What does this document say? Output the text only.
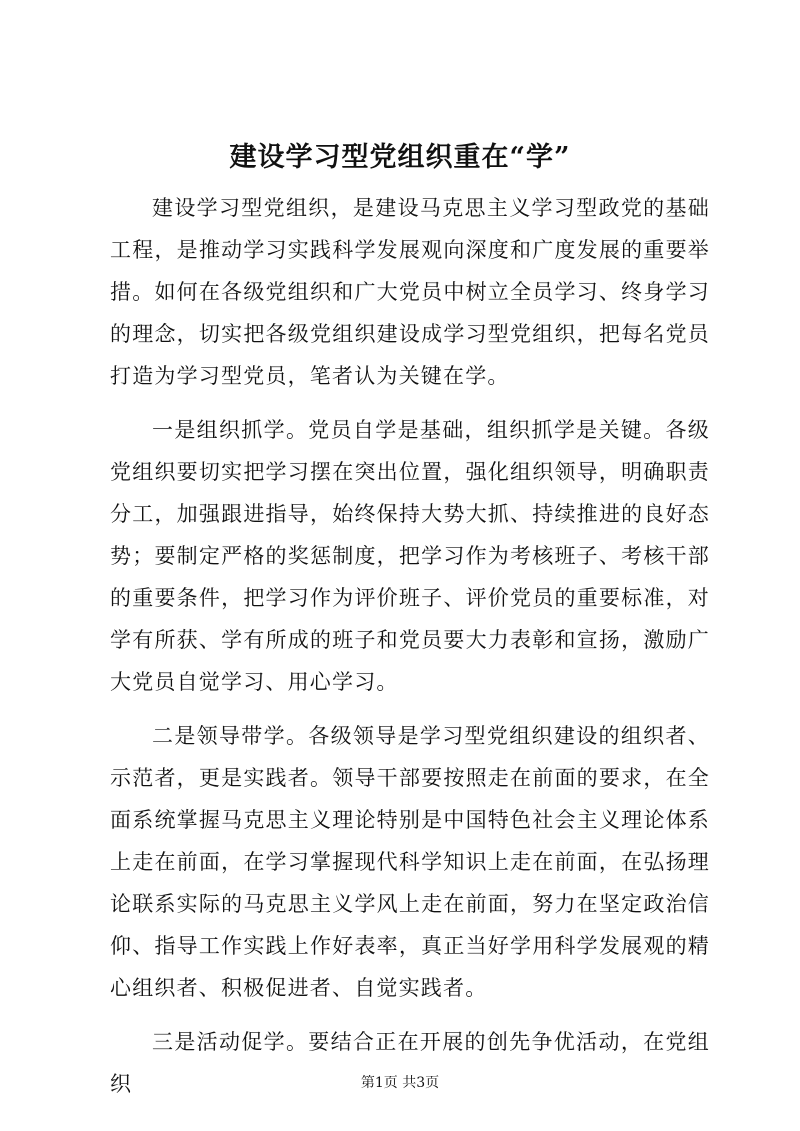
建设学习型党组织重在“学”

建设学习型党组织，是建设马克思主义学习型政党的基础工程，是推动学习实践科学发展观向深度和广度发展的重要举措。如何在各级党组织和广大党员中树立全员学习、终身学习的理念，切实把各级党组织建设成学习型党组织，把每名党员打造为学习型党员，笔者认为关键在学。

一是组织抓学。党员自学是基础，组织抓学是关键。各级党组织要切实把学习摆在突出位置，强化组织领导，明确职责分工，加强跟进指导，始终保持大势大抓、持续推进的良好态势；要制定严格的奖惩制度，把学习作为考核班子、考核干部的重要条件，把学习作为评价班子、评价党员的重要标准，对学有所获、学有所成的班子和党员要大力表彰和宣扬，激励广大党员自觉学习、用心学习。

二是领导带学。各级领导是学习型党组织建设的组织者、示范者，更是实践者。领导干部要按照走在前面的要求，在全面系统掌握马克思主义理论特别是中国特色社会主义理论体系上走在前面，在学习掌握现代科学知识上走在前面，在弘扬理论联系实际的马克思主义学风上走在前面，努力在坚定政治信仰、指导工作实践上作好表率，真正当好学用科学发展观的精心组织者、积极促进者、自觉实践者。

三是活动促学。要结合正在开展的创先争优活动，在党组织	第1页 共3页
